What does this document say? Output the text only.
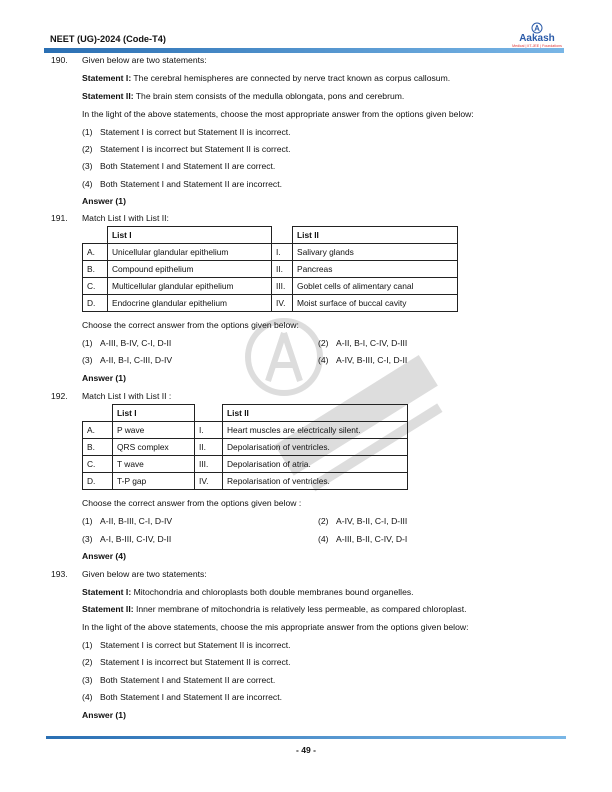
NEET (UG)-2024 (Code-T4)	Aakash
Medical | IIT-JEE | Foundations
190. Given below are two statements:
Statement I: The cerebral hemispheres are connected by nerve tract known as corpus callosum.
Statement II: The brain stem consists of the medulla oblongata, pons and cerebrum.
In the light of the above statements, choose the most appropriate answer from the options given below:
(1) Statement I is correct but Statement II is incorrect.
(2) Statement I is incorrect but Statement II is correct.
(3) Both Statement I and Statement II are correct.
(4) Both Statement I and Statement II are incorrect.
Answer (1)
191. Match List I with List II:
	List I		List II
A.	Unicellular glandular epithelium	I.	Salivary glands
B.	Compound epithelium	II.	Pancreas
C.	Multicellular glandular epithelium	III.	Goblet cells of alimentary canal
D.	Endocrine glandular epithelium	IV.	Moist surface of buccal cavity
Choose the correct answer from the options given below:
(1) A-III, B-IV, C-I, D-II	(2) A-II, B-I, C-IV, D-III
(3) A-II, B-I, C-III, D-IV	(4) A-IV, B-III, C-I, D-II
Answer (1)
192. Match List I with List II :
	List I		List II
A.	P wave	I.	Heart muscles are electrically silent.
B.	QRS complex	II.	Depolarisation of ventricles.
C.	T wave	III.	Depolarisation of atria.
D.	T-P gap	IV.	Repolarisation of ventricles.
Choose the correct answer from the options given below :
(1) A-II, B-III, C-I, D-IV	(2) A-IV, B-II, C-I, D-III
(3) A-I, B-III, C-IV, D-II	(4) A-III, B-II, C-IV, D-I
Answer (4)
193. Given below are two statements:
Statement I: Mitochondria and chloroplasts both double membranes bound organelles.
Statement II: Inner membrane of mitochondria is relatively less permeable, as compared chloroplast.
In the light of the above statements, choose the mis appropriate answer from the options given below:
(1) Statement I is correct but Statement II is incorrect.
(2) Statement I is incorrect but Statement II is correct.
(3) Both Statement I and Statement II are correct.
(4) Both Statement I and Statement II are incorrect.
Answer (1)
- 49 -
